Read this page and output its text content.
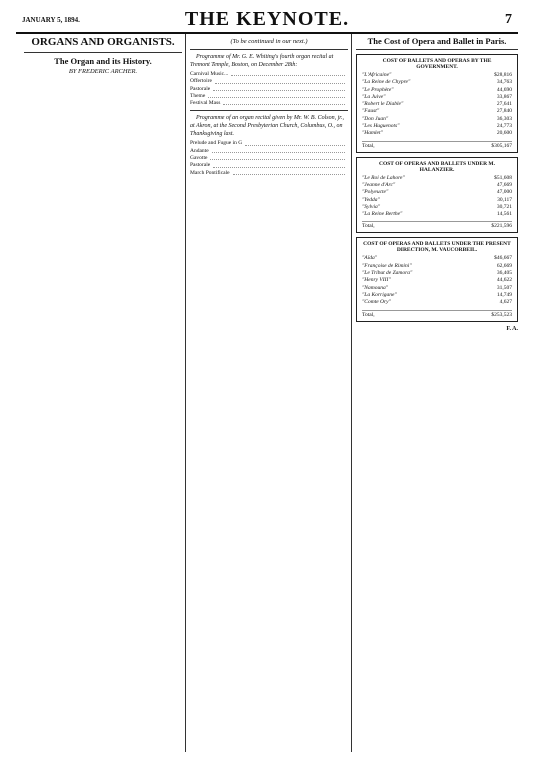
JANUARY 5, 1894.	THE KEYNOTE.	7
ORGANS AND ORGANISTS.
The Organ and its History.
BY FREDERIC ARCHER.
(To be continued in our next.)
Programme of Mr. G. E. Whiting's fourth organ recital at Tremont Temple, Boston, on December 28th:
Carnival Music...
Offertoire
Pastorale
Theme
Festival Mass
Programme of an organ recital given by Mr. W. B. Colson, jr., at Akron, at the Second Presbyterian Church, Columbus, O., on Thanksgiving last.
Prelude and Fugue in G
Andante
Gavotte
Pastorale
March Pontificale
The Cost of Opera and Ballet in Paris.
COST OF BALLETS AND OPERAS BY THE GOVERNMENT.
"L'Africaine"	$28,816
"La Reine de Chypre"	34,763
"Le Prophète"	44,690
"La Juive"	33,867
"Robert le Diable"	27,641
"Faust"	27,840
"Don Juan"	36,303
"Les Huguenots"	24,773
"Hamlet"	20,600
Total,	$305,167
COST OF OPERAS AND BALLETS UNDER M. HALANZIER.
"Le Roi de Lahore"	$51,608
"Jeanne d'Arc"	47,669
"Polyeucte"	47,000
"Yedda"	30,117
"Sylvia"	30,721
"La Reine Berthe"	14,561
Total,	$221,596
COST OF OPERAS AND BALLETS UNDER THE PRESENT DIRECTION, M. VAUCORBEIL.
"Aïda"	$46,667
"Françoise de Rimini"	62,669
"Le Tribut de Zamora"	36,405
"Henry VIII"	44,622
"Namouna"	31,507
"La Korrigane"	14,749
"Comte Ory"	4,627
Total,	$253,523
F. A.
